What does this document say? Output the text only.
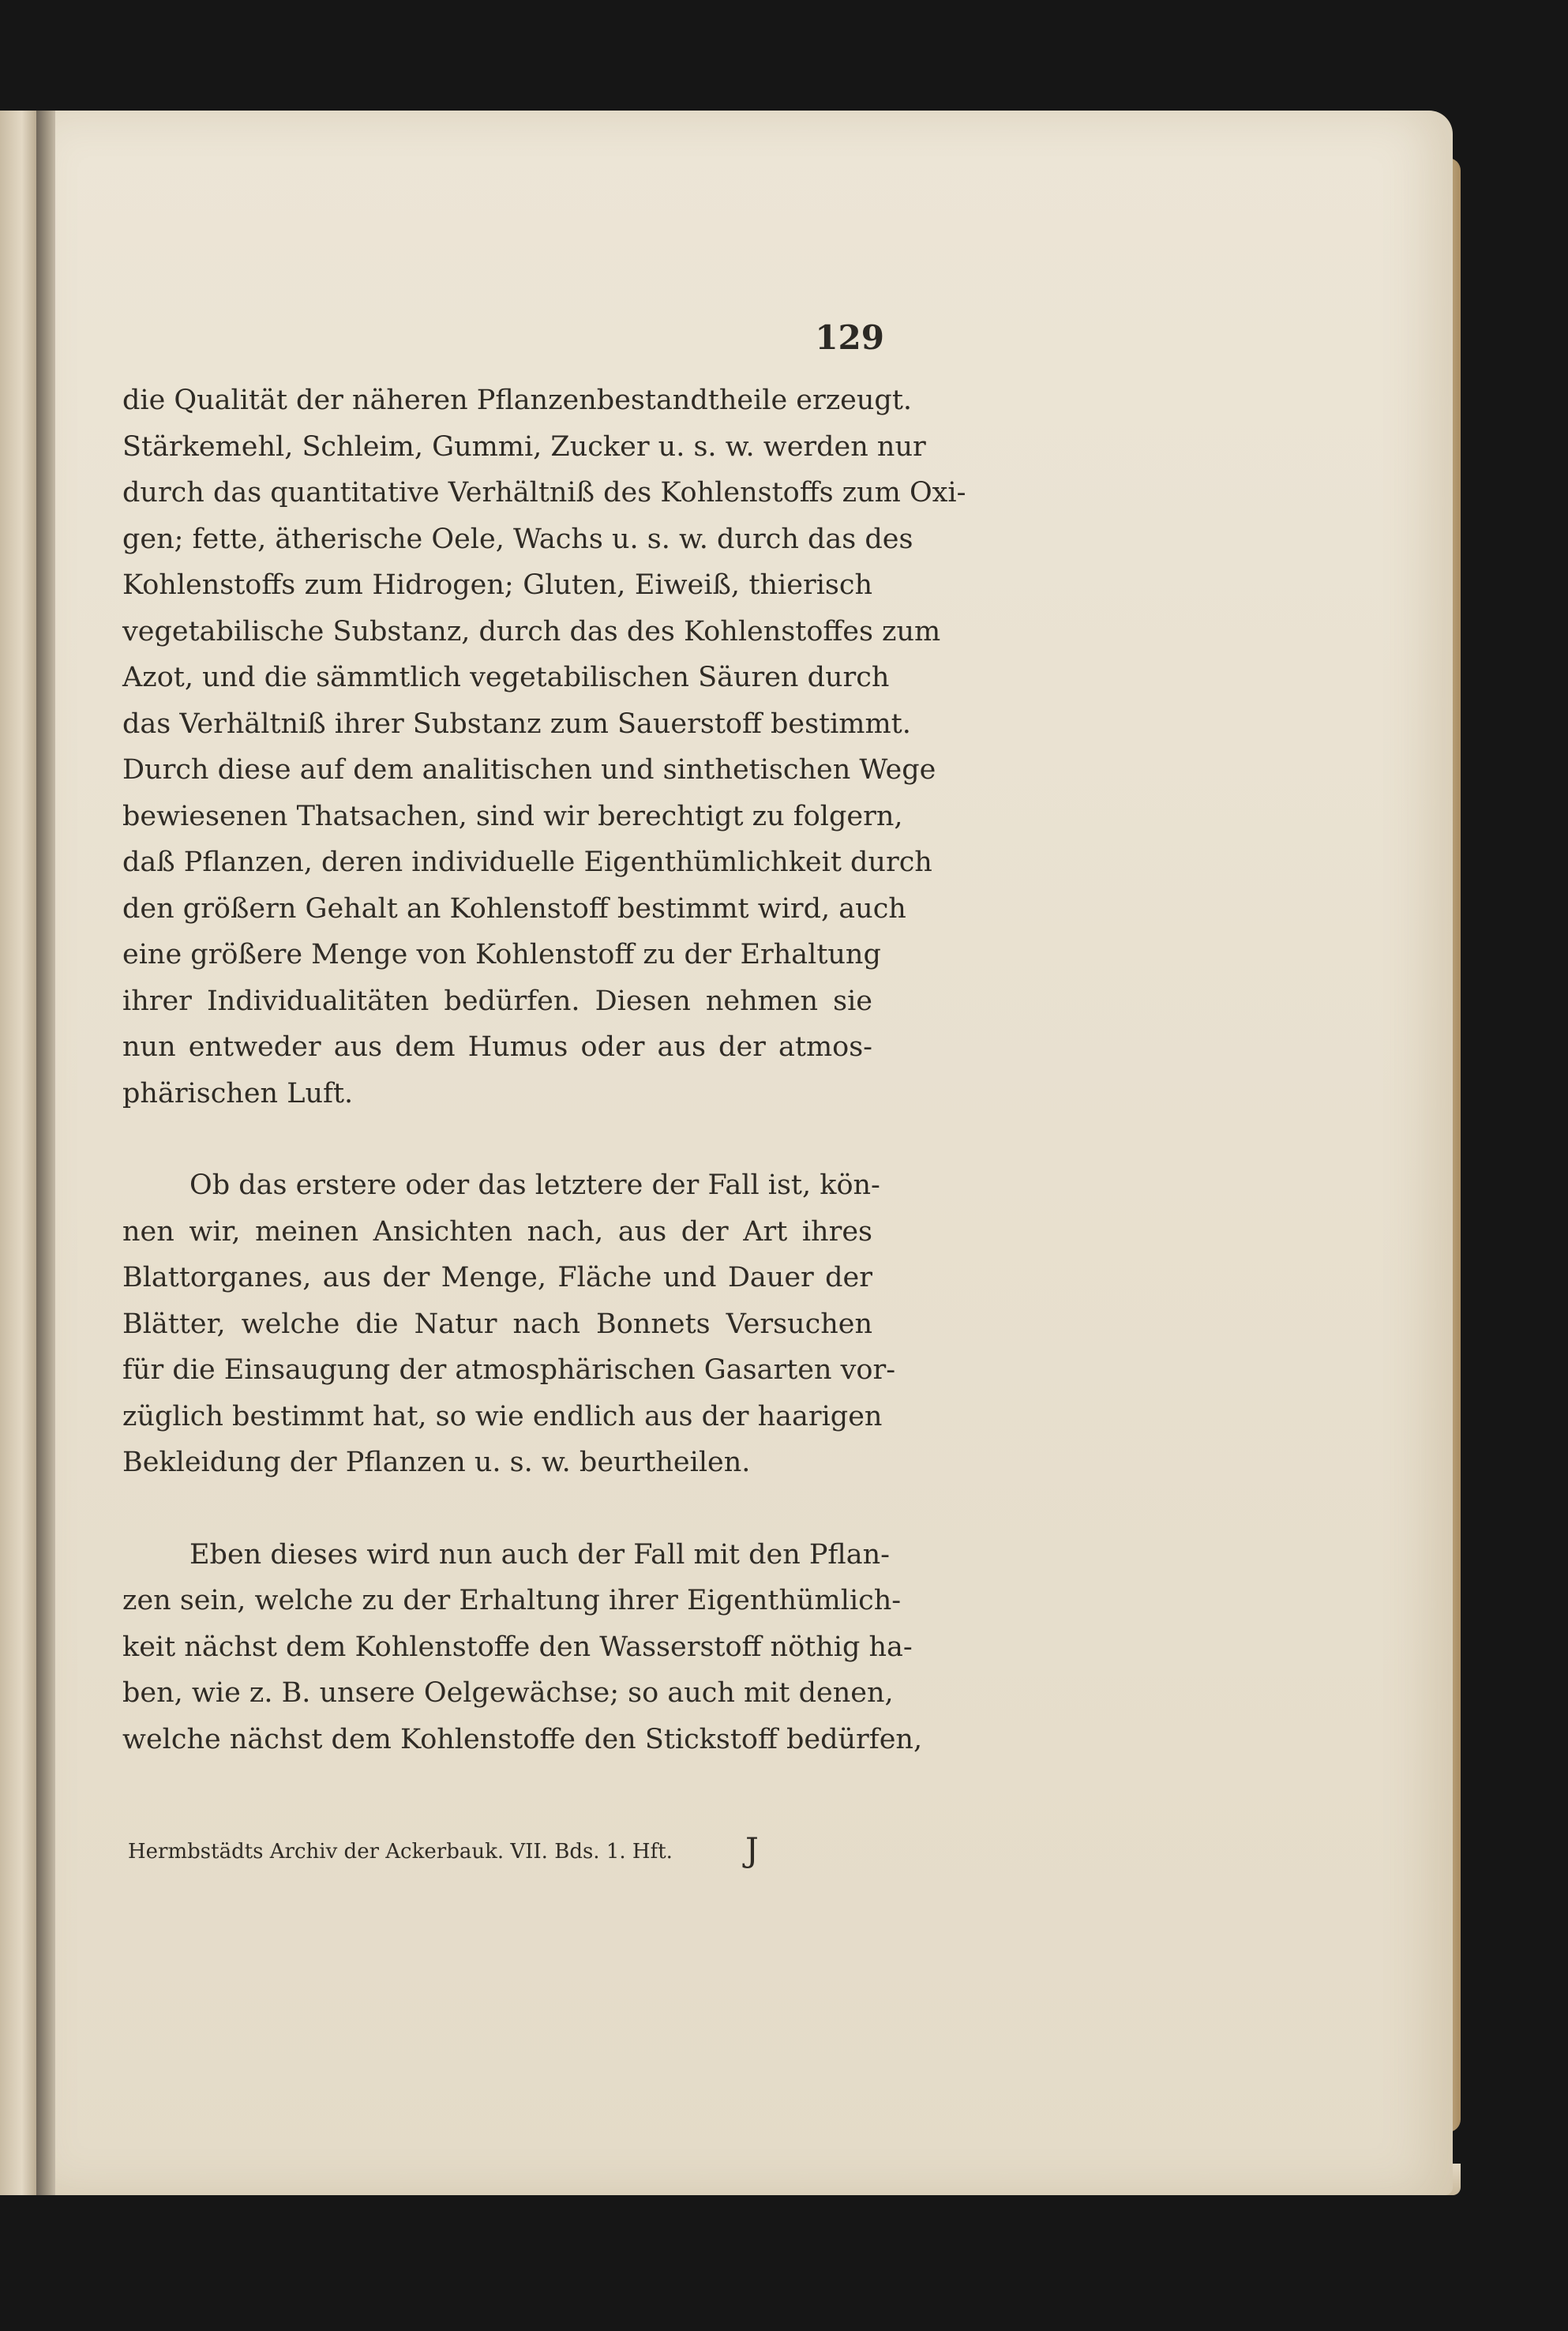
129
die Qualität der näheren Pflanzenbestandtheile erzeugt.
Stärkemehl, Schleim, Gummi, Zucker u. s. w. werden nur
durch das quantitative Verhältniß des Kohlenstoffs zum Oxi-
gen; fette, ätherische Oele, Wachs u. s. w. durch das des
Kohlenstoffs zum Hidrogen; Gluten, Eiweiß, thierisch
vegetabilische Substanz, durch das des Kohlenstoffes zum
Azot, und die sämmtlich vegetabilischen Säuren durch
das Verhältniß ihrer Substanz zum Sauerstoff bestimmt.
Durch diese auf dem analitischen und sinthetischen Wege
bewiesenen Thatsachen, sind wir berechtigt zu folgern,
daß Pflanzen, deren individuelle Eigenthümlichkeit durch
den größern Gehalt an Kohlenstoff bestimmt wird, auch
eine größere Menge von Kohlenstoff zu der Erhaltung
ihrer Individualitäten bedürfen. Diesen nehmen sie
nun entweder aus dem Humus oder aus der atmos-
phärischen Luft.
Ob das erstere oder das letztere der Fall ist, kön-
nen wir, meinen Ansichten nach, aus der Art ihres
Blattorganes, aus der Menge, Fläche und Dauer der
Blätter, welche die Natur nach Bonnets Versuchen
für die Einsaugung der atmosphärischen Gasarten vor-
züglich bestimmt hat, so wie endlich aus der haarigen
Bekleidung der Pflanzen u. s. w. beurtheilen.
Eben dieses wird nun auch der Fall mit den Pflan-
zen sein, welche zu der Erhaltung ihrer Eigenthümlich-
keit nächst dem Kohlenstoffe den Wasserstoff nöthig ha-
ben, wie z. B. unsere Oelgewächse; so auch mit denen,
welche nächst dem Kohlenstoffe den Stickstoff bedürfen,
Hermbstädts Archiv der Ackerbauk. VII. Bds. 1. Hft. J
